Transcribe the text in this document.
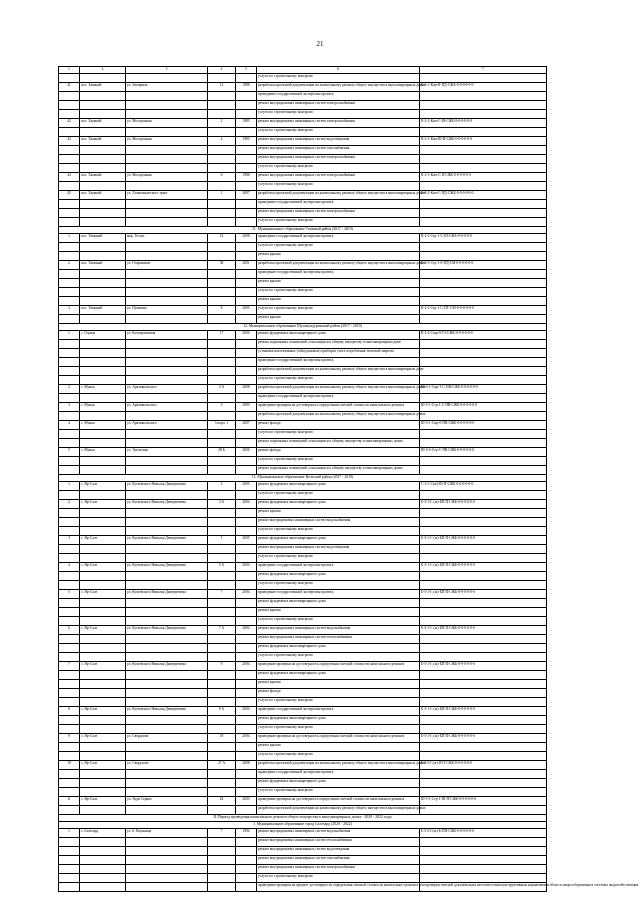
21
1	2	3	4	5	6	7
					услуги по строительному контролю	
41	пос. Хамакай	ул. Заозерная	12	1988	разработка проектной документации на капитальному ремонту общего имущества в многоквартирных домах	II-2-1-Ком-II-ПД-СЖБ-0-0-0-0-0-0
					проведение государственной экспертизы проекта	
					ремонт внутридомовых инженерных систем электроснабжения	
					услуги по строительному контролю	
42	пос. Хамакай	ул. Молодежная	2	1985	ремонт внутридомовых инженерных систем электроснабжения	II-2-1-Ком-С-III-СЖБ-0-0-0-0-0-0
					услуги по строительному контролю	
43	пос. Хамакай	ул. Молодежная	4	1985	ремонт внутридомовых инженерных систем водоотведения	II-2-1-Ком-III-И-СЖБ-0-0-0-0-0-0
					ремонт внутридомовых инженерных систем газоснабжения	
					ремонт внутридомовых инженерных систем электроснабжения	
					услуги по строительному контролю	
44	пос. Хамакай	ул. Молодежная	6	1988	ремонт внутридомовых инженерных систем электроснабжения	II-2-1-Ком-С-II-СЖБ-0-0-0-0-0-0
					услуги по строительному контролю	
45	пос. Хамакай	ул. Хатымыкитского тракт	1	2007	разработка проектной документации на капитальному ремонту общего имущества в многоквартирных домах	II-3-2-Ком-С-ПД-СЖБ-0-0-0-0-0-0
					проведение государственной экспертизы проекта	
					ремонт внутридомовых инженерных систем электроснабжения	
					услуги по строительному контролю	
11. Муниципальное образование Таежный район (2017 - 2019)						
1	пос. Таежный	мкр. Геолог	14	2008	проведение государственной экспертизы проекта	II-2-2-Стр-1-С-III-СЖБ-0-0-0-0-0
					услуги по строительному контролю	
					ремонт крыши	
2	пос. Таежный	ул. Геофизиков	38	2001	разработка проектной документации на капитальному ремонту общего имущества в многоквартирных домах	II-3-5-Стр-1-0-ПД-СМ-0-0-0-0-0-0
					проведение государственной экспертизы проекта	
					ремонт крыши	
					услуги по строительному контролю	
					ремонт крыши	
3	пос. Таежный	ул. Пушкина	8	2005	услуги по строительному контролю	II-2-2-Стр-1-С-ПТ-СМ-0-0-0-0-0-0
					ремонт крыши	
12. Муниципальное образование Шушмундуринский район (2017 - 2019)						
1	с. Горица	ул. Кооперативная	17	2006	ремонт фундамента многоквартирного дома	II-2-2-Сшр-0-Т3-СЖБ-0-0-0-0-0-0
					ремонт подвальных помещений, относящихся к общему имуществу в многоквартирном доме	
					установка коллективных (общедомовых) приборов учета потребления тепловой энергии	
					проведение государственной экспертизы проекта	
					разработка проектной документации на капитальному ремонту общего имущества в многоквартирном доме	
					услуги по строительному контролю	
2	с. Мунья	ул. Арктикольского	3 А	2008	разработка проектной документации на капитальному ремонту общего имущества в многоквартирных домах	III-3-1-Смр-1-С-ПВ-СЖБ-0-0-0-0-0-0
					проведение государственной экспертизы проекта	
3	с. Мунья	ул. Арктикольского	5	2009	проведение проверки на достоверность определения сметной стоимости капитального ремонта	III-3-1-Стр-1-С-ПВ-СЖБ-0-0-0-0-0-0
					разработка проектной документации на капитальному ремонту общего имущества в многоквартирных домах	
4	с. Мунья	ул. Арктикольского	5 корп. 1	2007	ремонт фасада	III-3-1-Смр-0-ПВ-СЖБ-0-0-0-0-0-0
					услуги по строительному контролю	
					ремонт подвальных помещений, относящихся к общему имуществу в многоквартирных домах	
5	с. Мунья	ул. Уральская	28 Б	2006	ремонт фасада	III-3-2-Стр-С-ПВ-СЖБ-0-0-0-0-0-0
					услуги по строительному контролю	
					ремонт подвальных помещений, относящихся к общему имуществу в многоквартирных домах	
13. Муниципальное образование Вельский район (2017 - 2019)						
1	с. Яр-Сале	ул. Кугаевского Николая Дмитриевича	3	2005	ремонт фундамента многоквартирного дома	С-3-1-С(ж)-Ш-П-СЖБ-0-0-0-0-0-0
					услуги по строительному контролю	
2	с. Яр-Сале	ул. Кугаевского Николая Дмитриевича	3 А	2004	ремонт фундамента многоквартирного дома	Б-3-1-С (ж)-БП-П-СЖБ-0-0-0-0-0-0
					ремонт крыши	
					ремонт внутридомовых инженерных систем водоснабжения	
					услуги по строительному контролю	
3	с. Яр-Сале	ул. Кугаевского Николая Дмитриевича	5	2005	ремонт фундамента многоквартирного дома	Б-3-1-С (ж)-БП-П-СЖБ-0-0-0-0-0-0
					ремонт внутридомовых инженерных систем водоотведения	
					услуги по строительному контролю	
4	с. Яр-Сале	ул. Кугаевского Николая Дмитриевича	5 А	2004	проведение государственной экспертизы проекта	Б-3-1-С (ж)-БП-П-СЖБ-0-0-0-0-0-0
					ремонт фундамента многоквартирного дома	
					услуги по строительному контролю	
5	с. Яр-Сале	ул. Кугаевского Николая Дмитриевича	7	2004	проведение государственной экспертизы проекта	Б-3-1-С (ж)-БП-П-СЖБ-0-0-0-0-0-0
					ремонт фундамента многоквартирного дома	
					ремонт крыши	
					услуги по строительному контролю	
6	с. Яр-Сале	ул. Кугаевского Николая Дмитриевича	7 А	2004	ремонт внутридомовых инженерных систем водоснабжения	Б-3-1-С (ж)-БП-П-СЖБ-0-0-0-0-0-0
					ремонт внутридомовых инженерных систем теплоснабжения	
					ремонт фундамента многоквартирного дома	
					услуги по строительному контролю	
7	с. Яр-Сале	ул. Кугаевского Николая Дмитриевича	9	2004	проведение проверки на достоверность определения сметной стоимости капитального ремонта	Б-3-1-С (ж)-БП-П-СЖБ-0-0-0-0-0-0
					ремонт фундамента многоквартирного дома	
					ремонт крыши	
					ремонт фасада	
					услуги по строительному контролю	
8	с. Яр-Сале	ул. Кугаевского Николая Дмитриевича	9 А	2004	проведение государственной экспертизы проекта	Б-3-1-С (ж)-БП-П-СЖБ-0-0-0-0-0-0
					ремонт фундамента многоквартирного дома	
					услуги по строительному контролю	
9	с. Яр-Сале	ул. Свердлова	18	2004	проведение проверки на достоверность определения сметной стоимости капитального ремонта	Б-3-1-С (ж)-БП-П-СЖБ-0-0-0-0-0-0
					ремонт крыши	
					услуги по строительному контролю	
10	с. Яр-Сале	ул. Свердлова	27 А	2008	разработка проектной документации на капитальному ремонту общего имущества в многоквартирных домах	Б-3-3-С(ж)-II-П-СЖБ-0-0-0-0-0-0
					проведение государственной экспертизы проекта	
					ремонт фундамента многоквартирного дома	
					услуги по строительному контролю	
11	с. Яр-Сале	ул. Худи Серако	24	2005	проведение проверки на достоверность определения сметной стоимости капитального ремонта	III-5-1-Стр-1-III-П-СЖБ-0-0-0-0-0-0
					разработка проектной документации на капитальному ремонту общего имущества в многоквартирных домах	
II. Период проведения капитального ремонта общего имущества в многоквартирных домах - 2020 - 2022 годы						
1. Муниципальное образование город Салехард (2020 - 2022)						
1	г. Салехард	ул. Б. Кнунянца	7	1994	ремонт внутридомовых инженерных систем водоснабжения	Б-3-2-С(ж)-Б-ПП-СЖБ-0-0-0-0-0-0
					ремонт внутридомовых инженерных систем теплоснабжения	
					ремонт внутридомовых инженерных систем водоотведения	
					ремонт внутридомовых инженерных систем газоснабжения	
					ремонт внутридомовых инженерных систем электроснабжения	
					услуги по строительному контролю	
					проведение проверки на предмет достоверности определения сметной стоимости капитального ремонта или проверки сметной документации несоответствия конструктивным нормативам в области энергосбережения в системах энергообеспечения	
